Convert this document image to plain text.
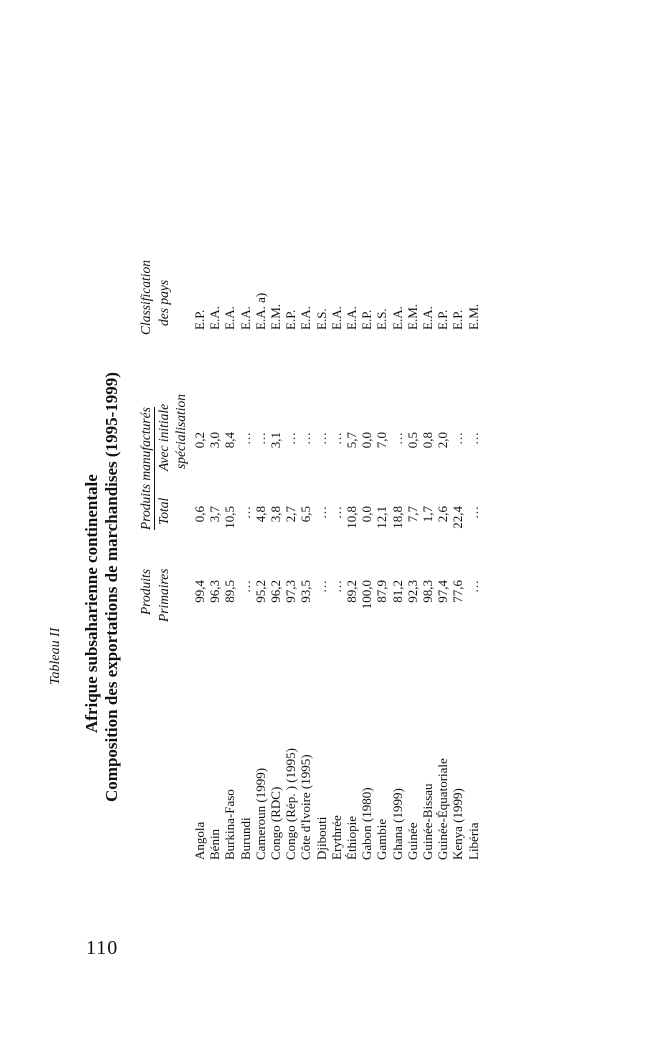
110
Tableau II Afrique subsaharienne continentale Composition des exportations de marchandises (1995-1999) Produits Primaires
Produits manufacturés Total
Avec initiale spécialisation
Classification des pays
Angola
99,4
0,6
0,2
E.P.
Bénin
96,3
3,7
3,0
E.A.
Burkina-Faso
89,5
10,5
8,4
E.A.
Burundi
…
…
…
E.A.
Cameroun (1999)
95,2
4,8
…
E.A. a)
Congo (RDC)
96,2
3,8
3,1
E.M.
Congo (Rép. ) (1995)
97,3
2,7
…
E.P.
Côte d'Ivoire (1995)
93,5
6,5
…
E.A.
Djibouti
…
…
…
E.S.
Erythrée
…
…
…
E.A.
Éthiopie
89,2
10,8
5,7
E.A.
Gabon (1980)
100,0
0,0
0,0
E.P.
Gambie
87,9
12,1
7,0
E.S.
Ghana (1999)
81,2
18,8
…
E.A.
Guinée
92,3
7,7
0,5
E.M.
Guinée-Bissau
98,3
1,7
0,8
E.A.
Guinée-Équatoriale
97,4
2,6
2,0
E.P.
Kenya (1999)
77,6
22,4
…
E.P.
Libéria
…
…
…
E.M.
